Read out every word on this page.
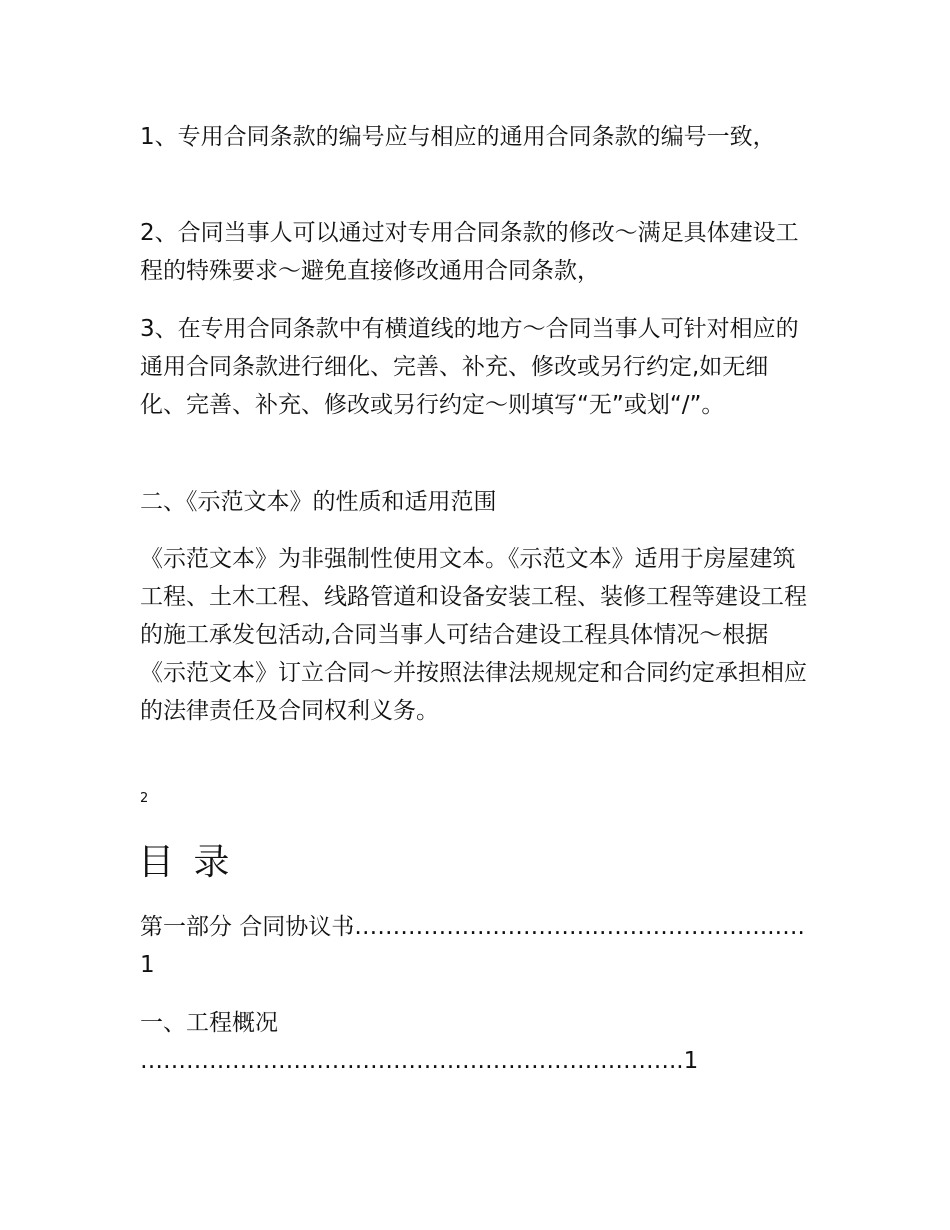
1、专用合同条款的编号应与相应的通用合同条款的编号一致，

2、合同当事人可以通过对专用合同条款的修改～满足具体建设工程的特殊要求～避免直接修改通用合同条款，

3、在专用合同条款中有横道线的地方～合同当事人可针对相应的通用合同条款进行细化、完善、补充、修改或另行约定,如无细化、完善、补充、修改或另行约定～则填写“无”或划“/”。

二、《示范文本》的性质和适用范围

《示范文本》为非强制性使用文本。《示范文本》适用于房屋建筑工程、土木工程、线路管道和设备安装工程、装修工程等建设工程的施工承发包活动,合同当事人可结合建设工程具体情况～根据《示范文本》订立合同～并按照法律法规规定和合同约定承担相应的法律责任及合同权利义务。

2

目 录

第一部分 合同协议书…………………………..…………………..….1

一、工程概况 ……………………………………………………………..1
